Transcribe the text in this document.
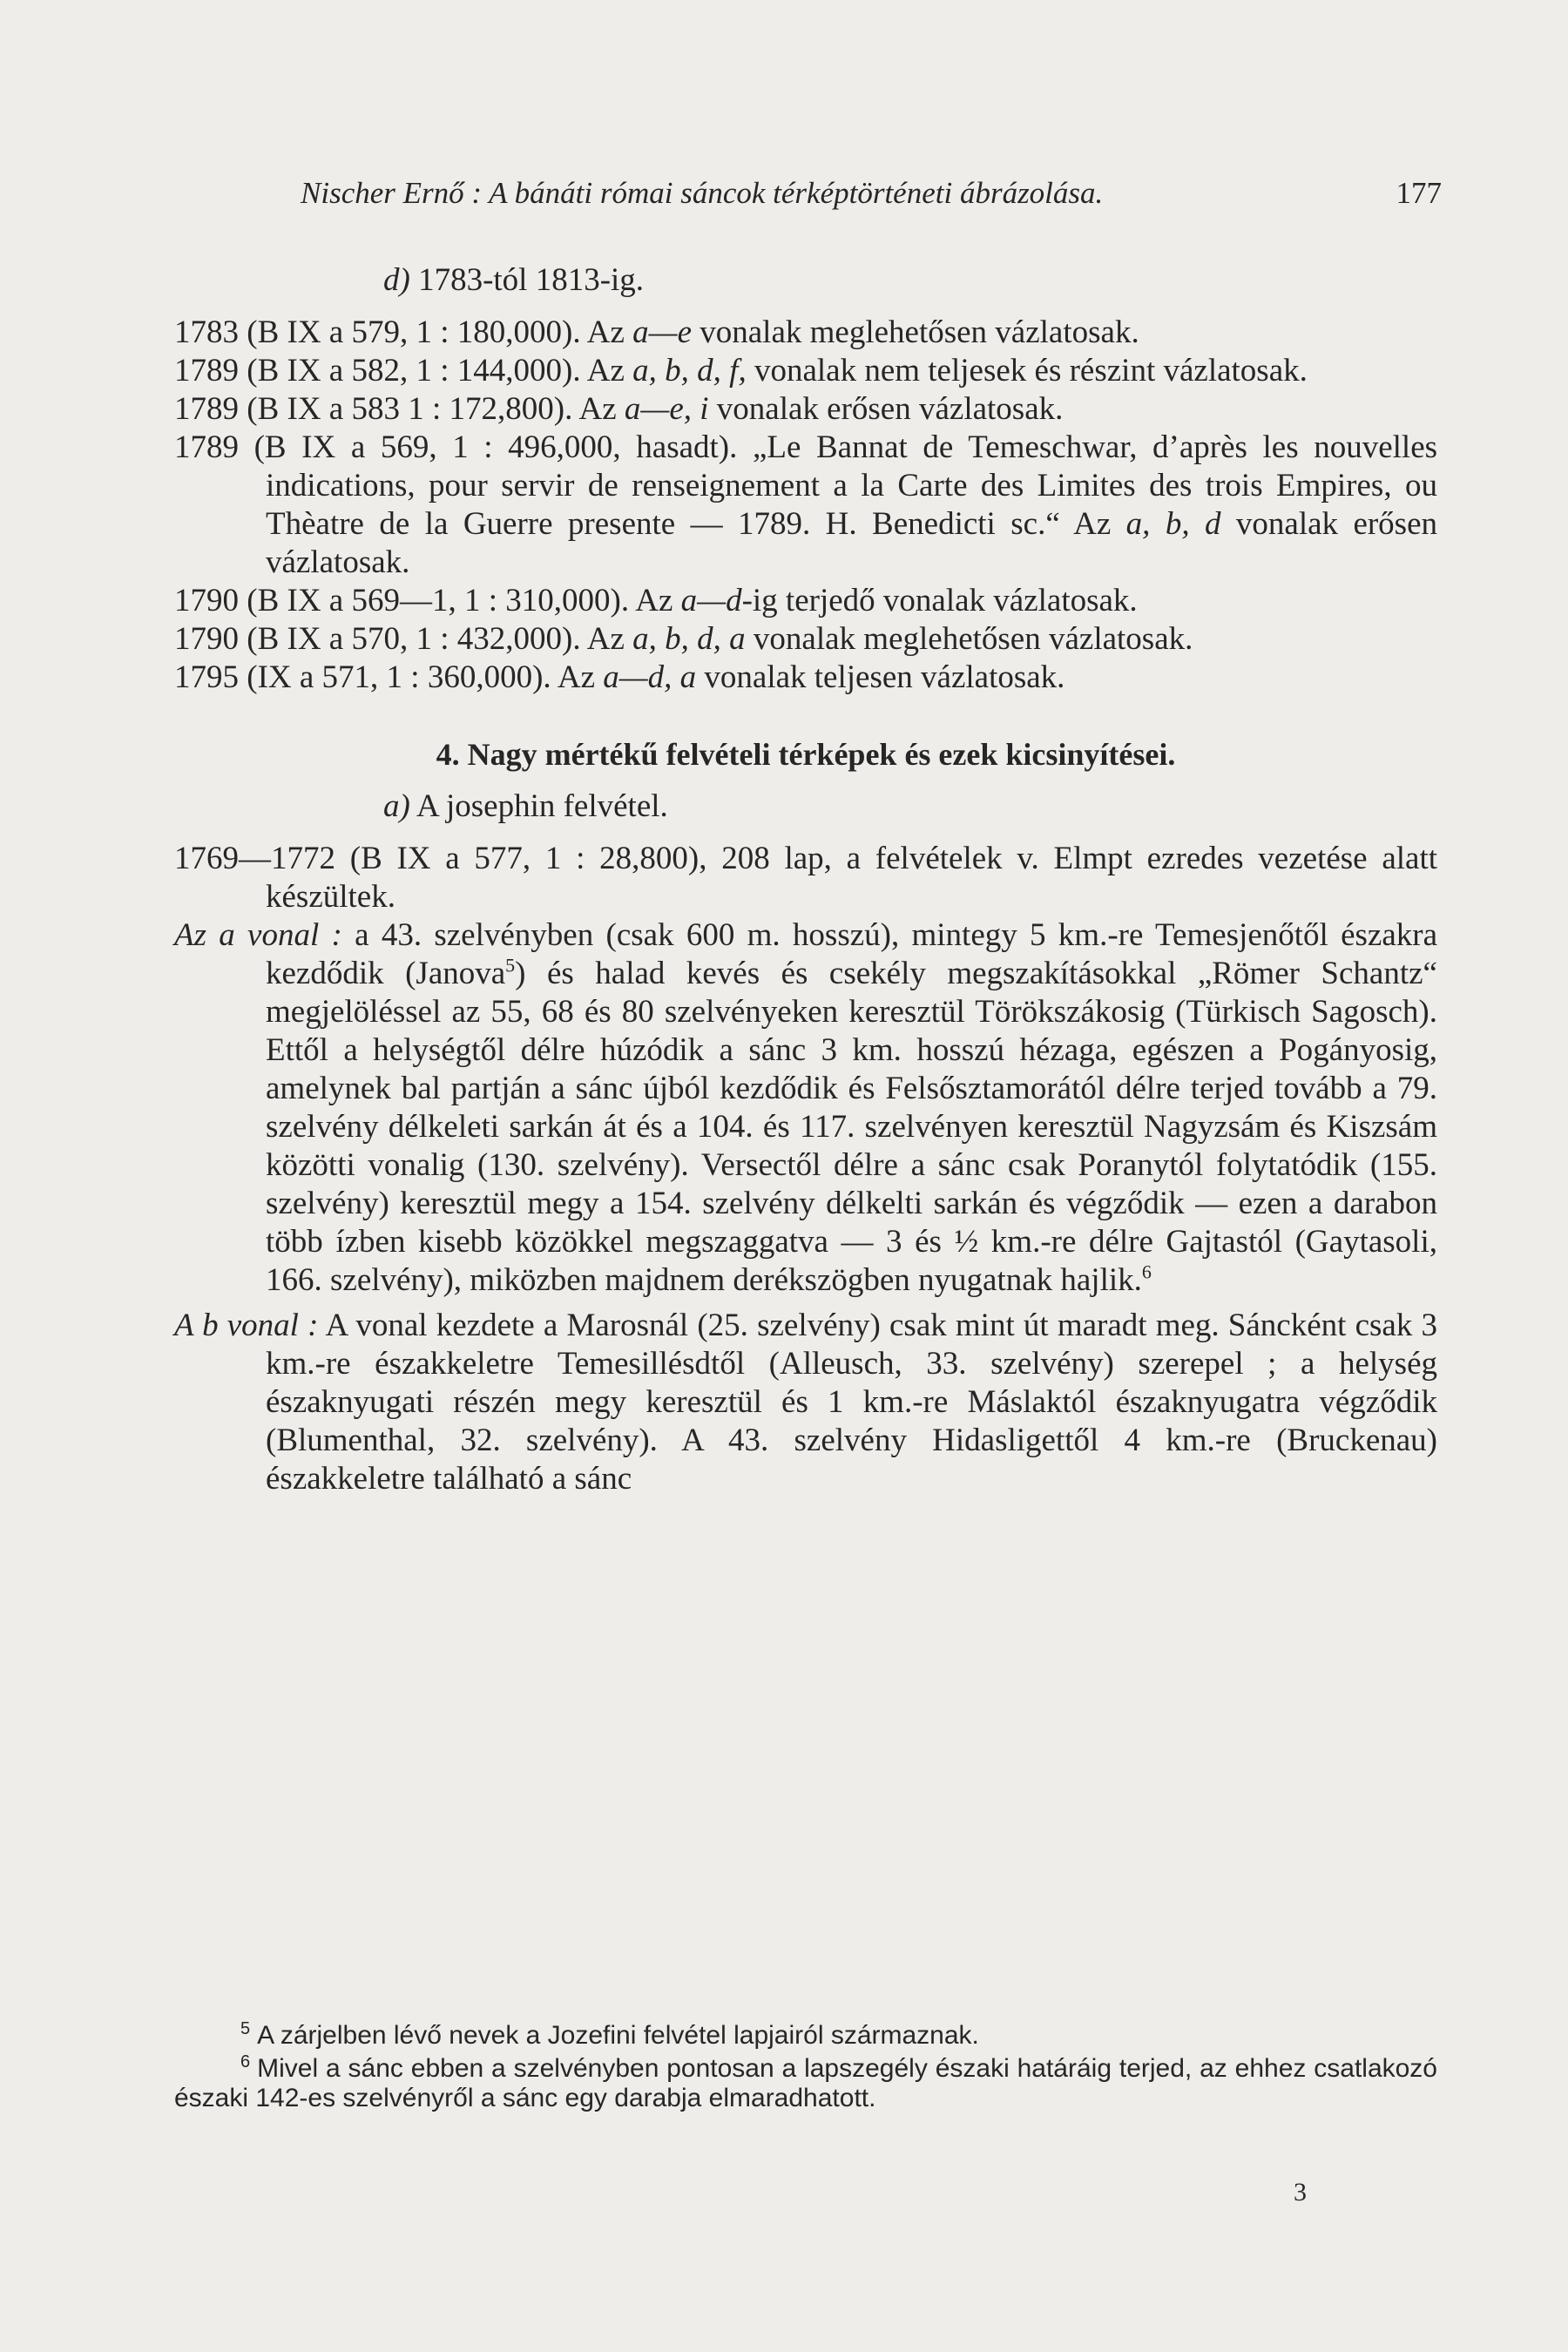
Nischer Ernő : A bánáti római sáncok térképtörténeti ábrázolása.	177

d) 1783-tól 1813-ig.

1783 (B IX a 579, 1 : 180,000). Az a—e vonalak meglehetősen vázlatosak.

1789 (B IX a 582, 1 : 144,000). Az a, b, d, f, vonalak nem teljesek és részint vázlatosak.

1789 (B IX a 583 1 : 172,800). Az a—e, i vonalak erősen vázlatosak.

1789 (B IX a 569, 1 : 496,000, hasadt). „Le Bannat de Temeschwar, d’après les nouvelles indications, pour servir de renseignement a la Carte des Limites des trois Empires, ou Thèatre de la Guerre presente — 1789. H. Benedicti sc.“ Az a, b, d vonalak erősen vázlatosak.

1790 (B IX a 569—1, 1 : 310,000). Az a—d-ig terjedő vonalak vázlatosak.

1790 (B IX a 570, 1 : 432,000). Az a, b, d, a vonalak meglehetősen vázlatosak.

1795 (IX a 571, 1 : 360,000). Az a—d, a vonalak teljesen vázlatosak.

4. Nagy mértékű felvételi térképek és ezek kicsinyítései.

a) A josephin felvétel.

1769—1772 (B IX a 577, 1 : 28,800), 208 lap, a felvételek v. Elmpt ezredes vezetése alatt készültek.

Az a vonal : a 43. szelvényben (csak 600 m. hosszú), mintegy 5 km.-re Temesjenőtől északra kezdődik (Janova$^5$) és halad kevés és csekély megszakításokkal „Römer Schantz“ megjelöléssel az 55, 68 és 80 szelvényeken keresztül Törökszákosig (Türkisch Sagosch). Ettől a helységtől délre húzódik a sánc 3 km. hosszú hézaga, egészen a Pogányosig, amelynek bal partján a sánc újból kezdődik és Felsősztamorától délre terjed tovább a 79. szelvény délkeleti sarkán át és a 104. és 117. szelvényen keresztül Nagyzsám és Kiszsám közötti vonalig (130. szelvény). Versectől délre a sánc csak Poranytól folytatódik (155. szelvény) keresztül megy a 154. szelvény délkelti sarkán és végződik — ezen a darabon több ízben kisebb közökkel megszaggatva — 3 és ½ km.-re délre Gajtastól (Gaytasoli, 166. szelvény), miközben majdnem derékszögben nyugatnak hajlik.$^6$

A b vonal : A vonal kezdete a Marosnál (25. szelvény) csak mint út maradt meg. Sáncként csak 3 km.-re északkeletre Temesillésdtől (Alleusch, 33. szelvény) szerepel ; a helység északnyugati részén megy keresztül és 1 km.-re Máslaktól északnyugatra végződik (Blumenthal, 32. szelvény). A 43. szelvény Hidasligettől 4 km.-re (Bruckenau) északkeletre található a sánc

$^5$ A zárjelben lévő nevek a Jozefini felvétel lapjairól származnak.

$^6$ Mivel a sánc ebben a szelvényben pontosan a lapszegély északi határáig terjed, az ehhez csatlakozó északi 142-es szelvényről a sánc egy darabja elmaradhatott.

3
